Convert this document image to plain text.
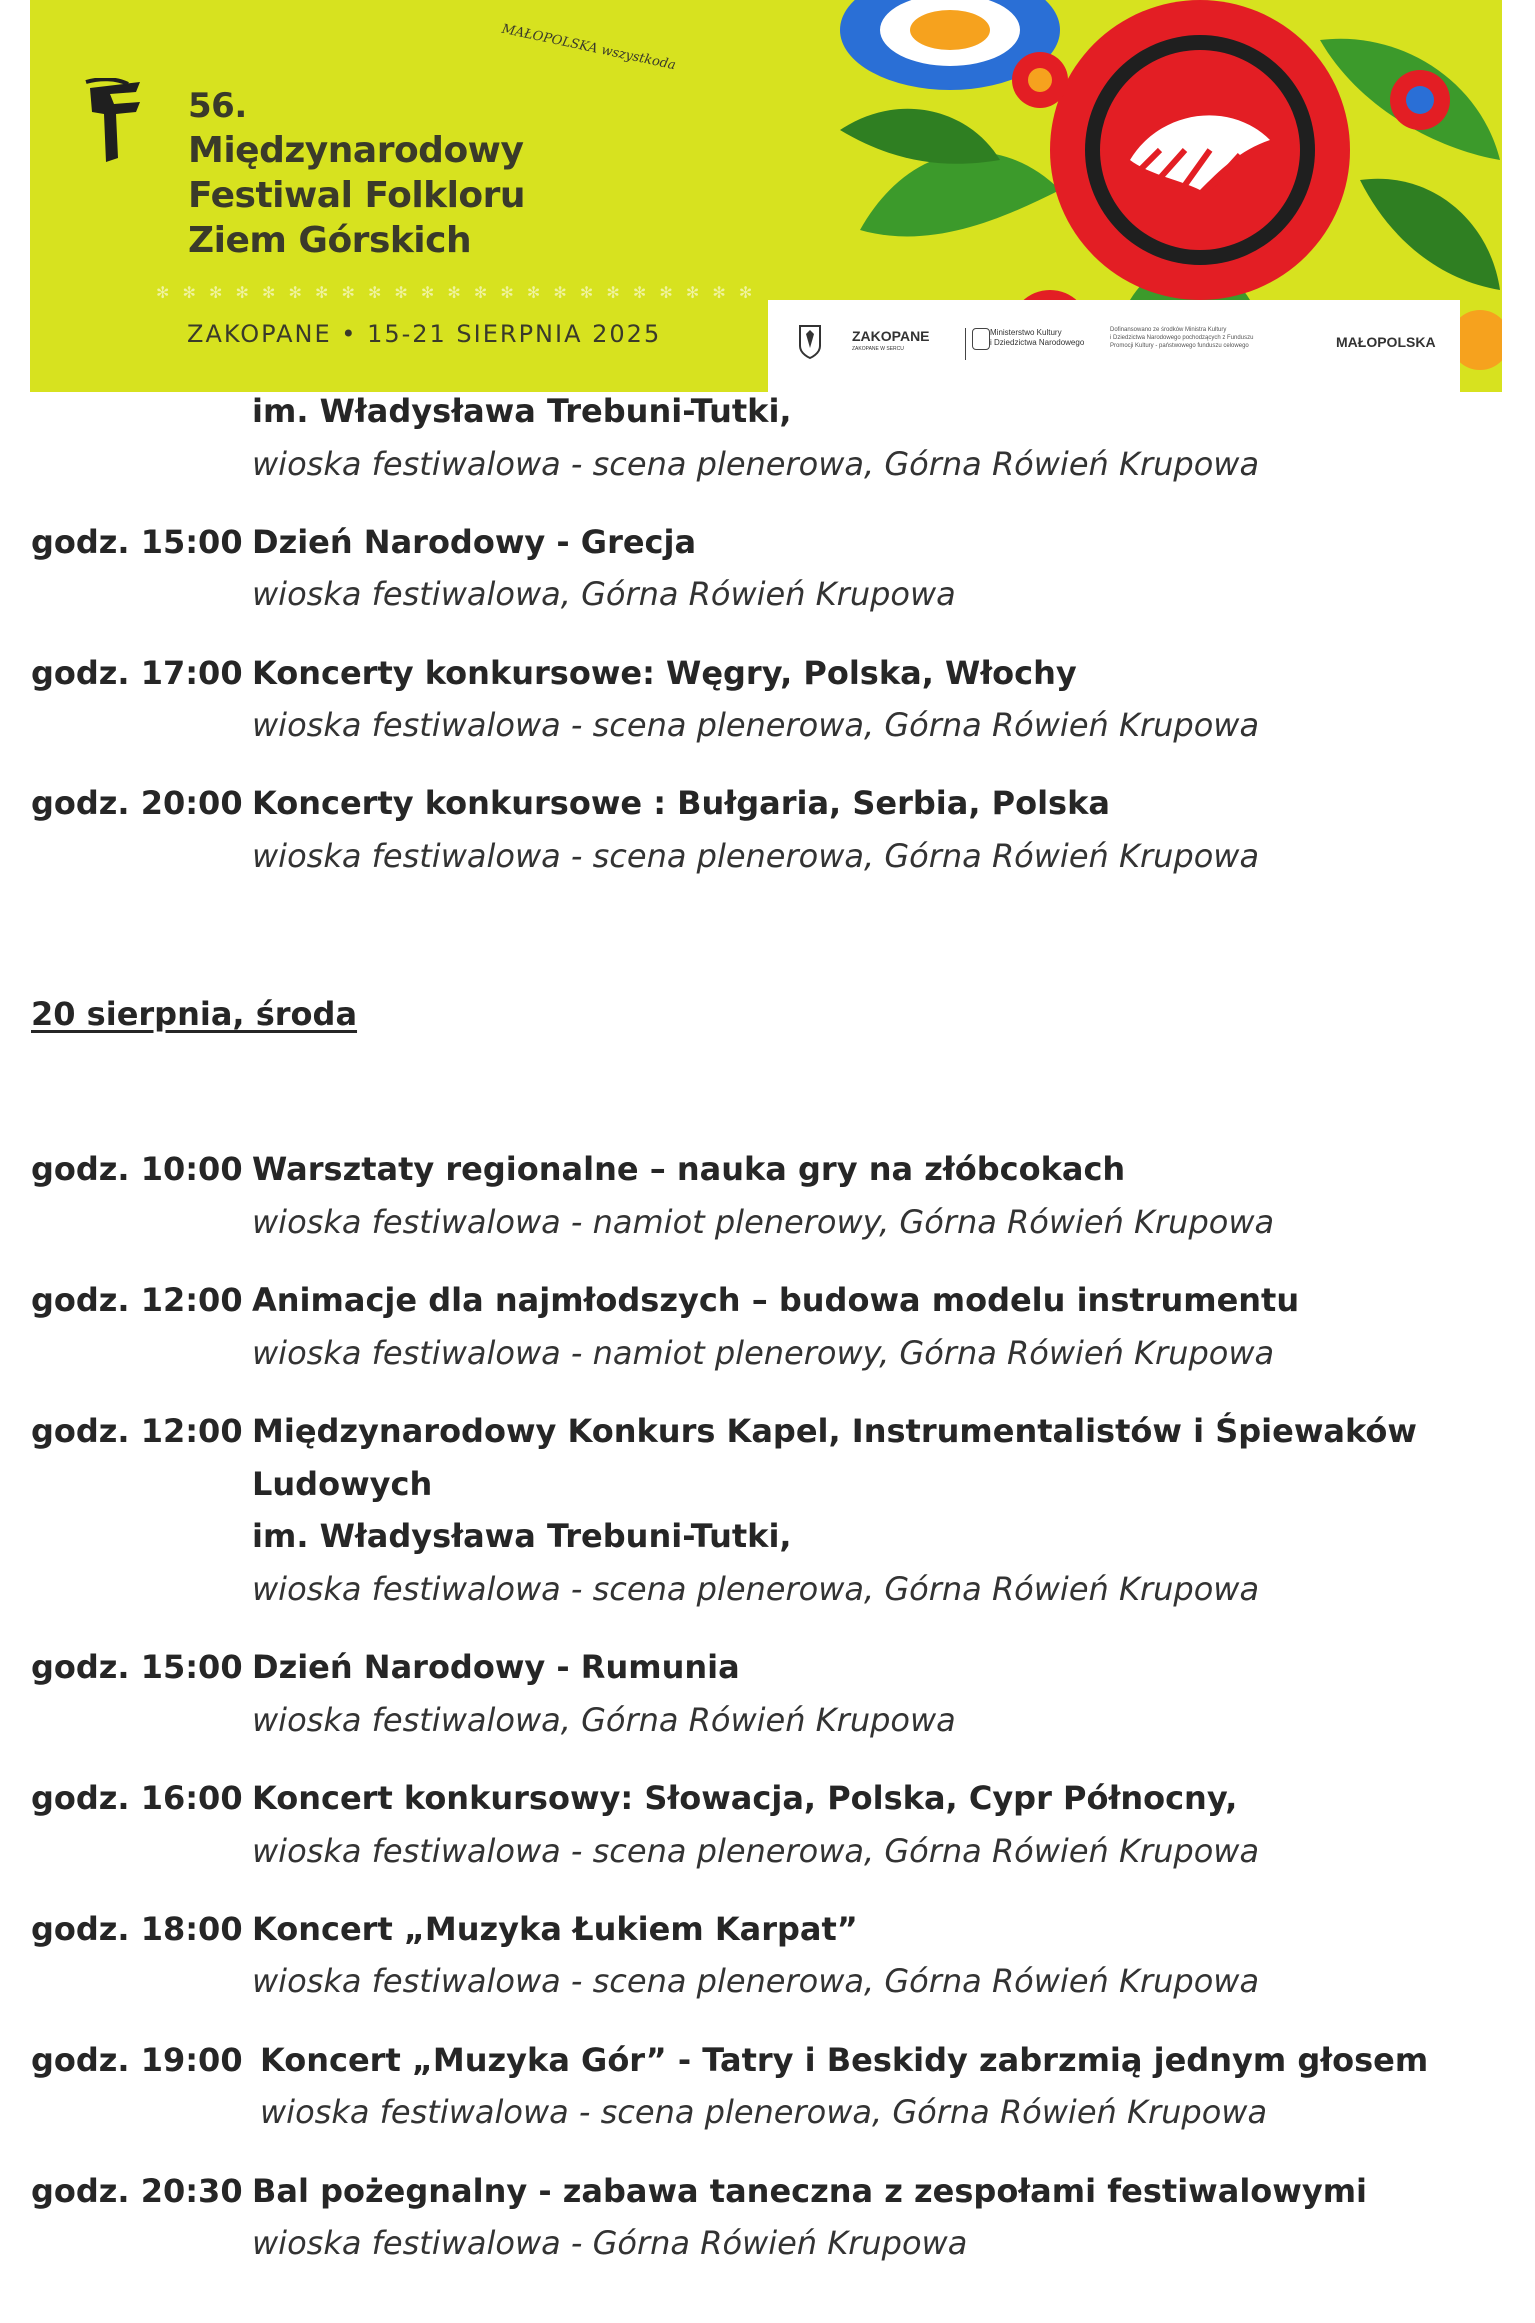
56.
Międzynarodowy
Festiwal Folkloru
Ziem Górskich
MAŁOPOLSKA wszystkoda
✻ ✻ ✻ ✻ ✻ ✻ ✻ ✻ ✻ ✻ ✻ ✻ ✻ ✻ ✻ ✻ ✻ ✻ ✻ ✻ ✻ ✻ ✻
ZAKOPANE • 15-21 SIERPNIA 2025	ZAKOPANE
ZAKOPANE W SERCU
Ministerstwo Kultury
i Dziedzictwa Narodowego
Dofinansowano ze środków Ministra Kultury
i Dziedzictwa Narodowego pochodzących z Funduszu
Promocji Kultury - państwowego funduszu celowego	MAŁOPOLSKA
im. Władysława Trebuni-Tutki,
wioska festiwalowa - scena plenerowa, Górna Rówień Krupowa
godz. 15:00 Dzień Narodowy - Grecja
wioska festiwalowa, Górna Rówień Krupowa
godz. 17:00 Koncerty konkursowe: Węgry, Polska, Włochy
wioska festiwalowa - scena plenerowa, Górna Rówień Krupowa
godz. 20:00 Koncerty konkursowe : Bułgaria, Serbia, Polska
wioska festiwalowa - scena plenerowa, Górna Rówień Krupowa
20 sierpnia, środa
godz. 10:00 Warsztaty regionalne – nauka gry na złóbcokach
wioska festiwalowa - namiot plenerowy, Górna Rówień Krupowa
godz. 12:00 Animacje dla najmłodszych – budowa modelu instrumentu
wioska festiwalowa - namiot plenerowy, Górna Rówień Krupowa
godz. 12:00 Międzynarodowy Konkurs Kapel, Instrumentalistów i Śpiewaków
Ludowych
im. Władysława Trebuni-Tutki,
wioska festiwalowa - scena plenerowa, Górna Rówień Krupowa
godz. 15:00 Dzień Narodowy - Rumunia
wioska festiwalowa, Górna Rówień Krupowa
godz. 16:00 Koncert konkursowy: Słowacja, Polska, Cypr Północny,
wioska festiwalowa - scena plenerowa, Górna Rówień Krupowa
godz. 18:00 Koncert „Muzyka Łukiem Karpat”
wioska festiwalowa - scena plenerowa, Górna Rówień Krupowa
godz. 19:00 Koncert „Muzyka Gór” - Tatry i Beskidy zabrzmią jednym głosem
wioska festiwalowa - scena plenerowa, Górna Rówień Krupowa
godz. 20:30 Bal pożegnalny - zabawa taneczna z zespołami festiwalowymi
wioska festiwalowa - Górna Rówień Krupowa
